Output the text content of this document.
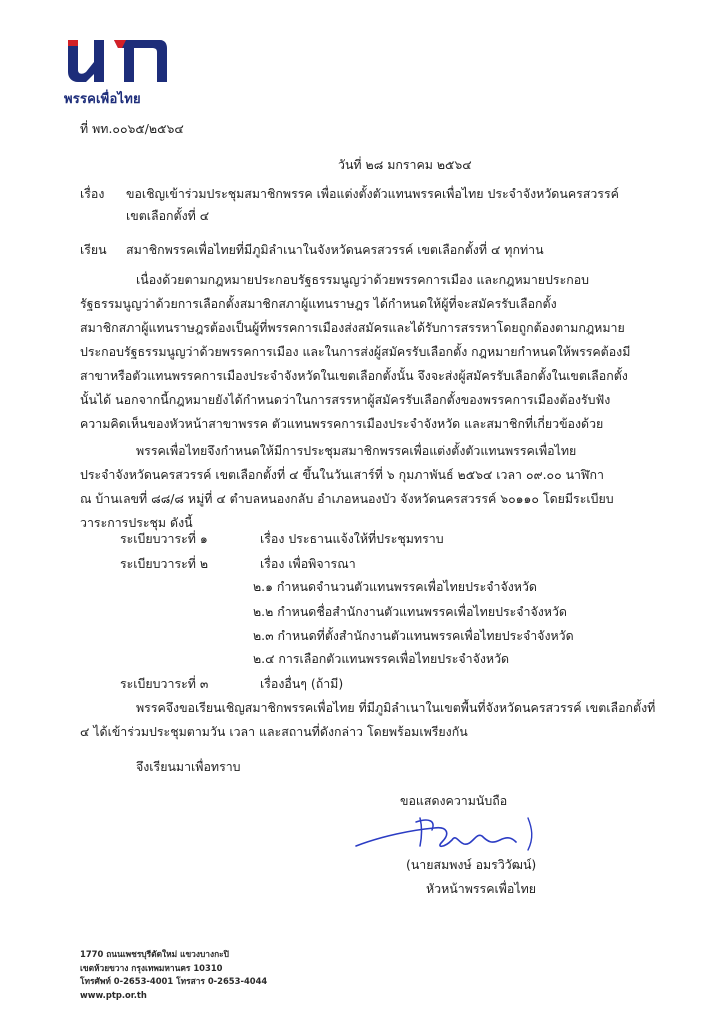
พรรคเพื่อไทย
ที่ พท.๐๐๖๕/๒๕๖๔
วันที่ ๒๘ มกราคม ๒๕๖๔
เรื่อง ขอเชิญเข้าร่วมประชุมสมาชิกพรรค เพื่อแต่งตั้งตัวแทนพรรคเพื่อไทย ประจำจังหวัดนครสวรรค์
เขตเลือกตั้งที่ ๔
เรียน สมาชิกพรรคเพื่อไทยที่มีภูมิลำเนาในจังหวัดนครสวรรค์ เขตเลือกตั้งที่ ๔ ทุกท่าน
เนื่องด้วยตามกฎหมายประกอบรัฐธรรมนูญว่าด้วยพรรคการเมือง และกฎหมายประกอบ
รัฐธรรมนูญว่าด้วยการเลือกตั้งสมาชิกสภาผู้แทนราษฎร ได้กำหนดให้ผู้ที่จะสมัครรับเลือกตั้ง
สมาชิกสภาผู้แทนราษฎรต้องเป็นผู้ที่พรรคการเมืองส่งสมัครและได้รับการสรรหาโดยถูกต้องตามกฎหมาย
ประกอบรัฐธรรมนูญว่าด้วยพรรคการเมือง และในการส่งผู้สมัครรับเลือกตั้ง กฎหมายกำหนดให้พรรคต้องมี
สาขาหรือตัวแทนพรรคการเมืองประจำจังหวัดในเขตเลือกตั้งนั้น จึงจะส่งผู้สมัครรับเลือกตั้งในเขตเลือกตั้ง
นั้นได้ นอกจากนี้กฎหมายยังได้กำหนดว่าในการสรรหาผู้สมัครรับเลือกตั้งของพรรคการเมืองต้องรับฟัง
ความคิดเห็นของหัวหน้าสาขาพรรค ตัวแทนพรรคการเมืองประจำจังหวัด และสมาชิกที่เกี่ยวข้องด้วย
พรรคเพื่อไทยจึงกำหนดให้มีการประชุมสมาชิกพรรคเพื่อแต่งตั้งตัวแทนพรรคเพื่อไทย
ประจำจังหวัดนครสวรรค์ เขตเลือกตั้งที่ ๔ ขึ้นในวันเสาร์ที่ ๖ กุมภาพันธ์ ๒๕๖๔ เวลา ๐๙.๐๐ นาฬิกา
ณ บ้านเลขที่ ๘๘/๘ หมู่ที่ ๔ ตำบลหนองกลับ อำเภอหนองบัว จังหวัดนครสวรรค์ ๖๐๑๑๐ โดยมีระเบียบ
วาระการประชุม ดังนี้
ระเบียบวาระที่ ๑	เรื่อง ประธานแจ้งให้ที่ประชุมทราบ
ระเบียบวาระที่ ๒	เรื่อง เพื่อพิจารณา
๒.๑ กำหนดจำนวนตัวแทนพรรคเพื่อไทยประจำจังหวัด
๒.๒ กำหนดชื่อสำนักงานตัวแทนพรรคเพื่อไทยประจำจังหวัด
๒.๓ กำหนดที่ตั้งสำนักงานตัวแทนพรรคเพื่อไทยประจำจังหวัด
๒.๔ การเลือกตัวแทนพรรคเพื่อไทยประจำจังหวัด
ระเบียบวาระที่ ๓	เรื่องอื่นๆ (ถ้ามี)
พรรคจึงขอเรียนเชิญสมาชิกพรรคเพื่อไทย ที่มีภูมิลำเนาในเขตพื้นที่จังหวัดนครสวรรค์ เขตเลือกตั้งที่
๔ ได้เข้าร่วมประชุมตามวัน เวลา และสถานที่ดังกล่าว โดยพร้อมเพรียงกัน
จึงเรียนมาเพื่อทราบ
ขอแสดงความนับถือ
(นายสมพงษ์ อมรวิวัฒน์)
หัวหน้าพรรคเพื่อไทย
1770 ถนนเพชรบุรีตัดใหม่ แขวงบางกะปิ
เขตห้วยขวาง กรุงเทพมหานคร 10310
โทรศัพท์ 0-2653-4001 โทรสาร 0-2653-4044
www.ptp.or.th
